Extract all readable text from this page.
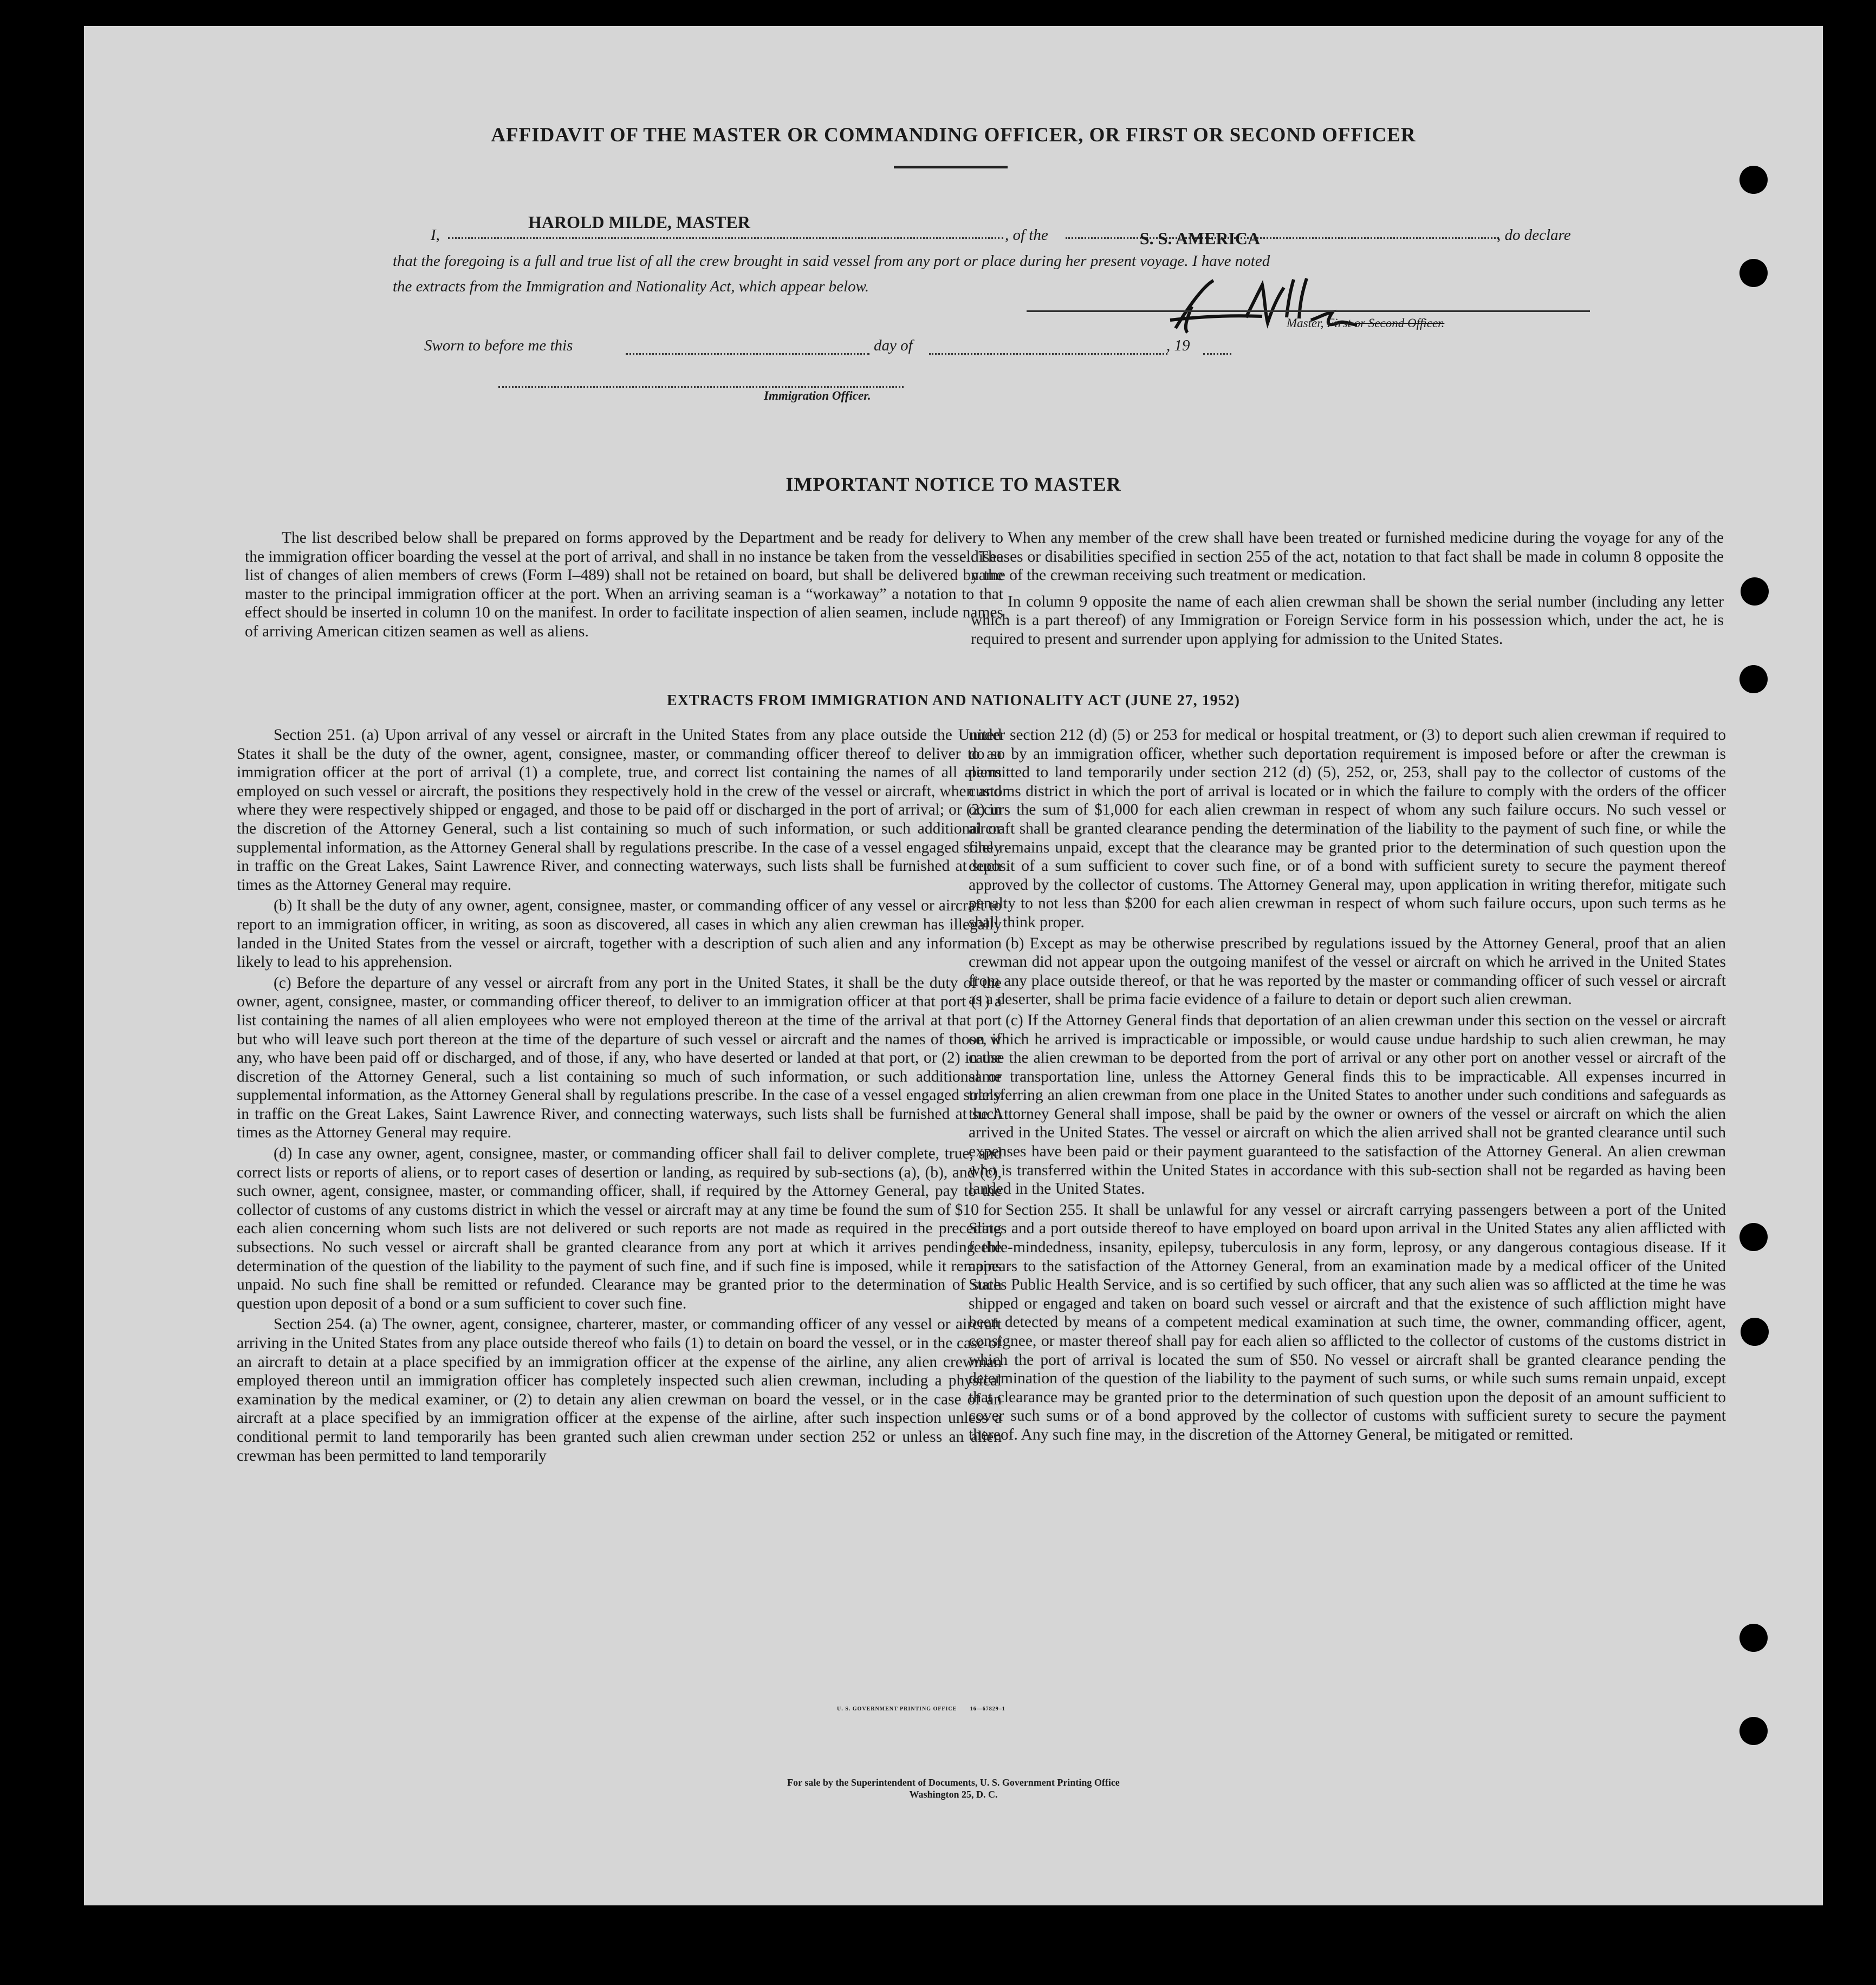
AFFIDAVIT OF THE MASTER OR COMMANDING OFFICER, OR FIRST OR SECOND OFFICER
I,
HAROLD MILDE, MASTER
, of the	S. S. AMERICA	, do declare
that the foregoing is a full and true list of all the crew brought in said vessel from any port or place during her present voyage. I have noted
the extracts from the Immigration and Nationality Act, which appear below.
Master, First or Second Officer.
Sworn to before me this	day of	, 19
Immigration Officer.
IMPORTANT NOTICE TO MASTER

The list described below shall be prepared on forms approved by the Department and be ready for delivery to the immigration officer boarding the vessel at the port of arrival, and shall in no instance be taken from the vessel. The list of changes of alien members of crews (Form I–489) shall not be retained on board, but shall be delivered by the master to the principal immigration officer at the port. When an arriving seaman is a “workaway” a notation to that effect should be inserted in column 10 on the manifest. In order to facilitate inspection of alien seamen, include names of arriving American citizen seamen as well as aliens.

When any member of the crew shall have been treated or furnished medicine during the voyage for any of the diseases or disabilities specified in section 255 of the act, notation to that fact shall be made in column 8 opposite the name of the crewman receiving such treatment or medication.

In column 9 opposite the name of each alien crewman shall be shown the serial number (including any letter which is a part thereof) of any Immigration or Foreign Service form in his possession which, under the act, he is required to present and surrender upon applying for admission to the United States.

EXTRACTS FROM IMMIGRATION AND NATIONALITY ACT (JUNE 27, 1952)

Section 251. (a) Upon arrival of any vessel or aircraft in the United States from any place outside the United States it shall be the duty of the owner, agent, consignee, master, or commanding officer thereof to deliver to an immigration officer at the port of arrival (1) a complete, true, and correct list containing the names of all aliens employed on such vessel or aircraft, the positions they respectively hold in the crew of the vessel or aircraft, when and where they were respectively shipped or engaged, and those to be paid off or discharged in the port of arrival; or (2) in the discretion of the Attorney General, such a list containing so much of such information, or such additional or supplemental information, as the Attorney General shall by regulations prescribe. In the case of a vessel engaged solely in traffic on the Great Lakes, Saint Lawrence River, and connecting waterways, such lists shall be furnished at such times as the Attorney General may require.

(b) It shall be the duty of any owner, agent, consignee, master, or commanding officer of any vessel or aircraft to report to an immigration officer, in writing, as soon as discovered, all cases in which any alien crewman has illegally landed in the United States from the vessel or aircraft, together with a description of such alien and any information likely to lead to his apprehension.

(c) Before the departure of any vessel or aircraft from any port in the United States, it shall be the duty of the owner, agent, consignee, master, or commanding officer thereof, to deliver to an immigration officer at that port (1) a list containing the names of all alien employees who were not employed thereon at the time of the arrival at that port but who will leave such port thereon at the time of the departure of such vessel or aircraft and the names of those, if any, who have been paid off or discharged, and of those, if any, who have deserted or landed at that port, or (2) in the discretion of the Attorney General, such a list containing so much of such information, or such additional or supplemental information, as the Attorney General shall by regulations prescribe. In the case of a vessel engaged solely in traffic on the Great Lakes, Saint Lawrence River, and connecting waterways, such lists shall be furnished at such times as the Attorney General may require.

(d) In case any owner, agent, consignee, master, or commanding officer shall fail to deliver complete, true, and correct lists or reports of aliens, or to report cases of desertion or landing, as required by sub-sections (a), (b), and (c), such owner, agent, consignee, master, or commanding officer, shall, if required by the Attorney General, pay to the collector of customs of any customs district in which the vessel or aircraft may at any time be found the sum of $10 for each alien concerning whom such lists are not delivered or such reports are not made as required in the preceding subsections. No such vessel or aircraft shall be granted clearance from any port at which it arrives pending the determination of the question of the liability to the payment of such fine, and if such fine is imposed, while it remains unpaid. No such fine shall be remitted or refunded. Clearance may be granted prior to the determination of such question upon deposit of a bond or a sum sufficient to cover such fine.

Section 254. (a) The owner, agent, consignee, charterer, master, or commanding officer of any vessel or aircraft arriving in the United States from any place outside thereof who fails (1) to detain on board the vessel, or in the case of an aircraft to detain at a place specified by an immigration officer at the expense of the airline, any alien crewman employed thereon until an immigration officer has completely inspected such alien crewman, including a physical examination by the medical examiner, or (2) to detain any alien crewman on board the vessel, or in the case of an aircraft at a place specified by an immigration officer at the expense of the airline, after such inspection unless a conditional permit to land temporarily has been granted such alien crewman under section 252 or unless an alien crewman has been permitted to land temporarily

under section 212 (d) (5) or 253 for medical or hospital treatment, or (3) to deport such alien crewman if required to do so by an immigration officer, whether such deportation requirement is imposed before or after the crewman is permitted to land temporarily under section 212 (d) (5), 252, or, 253, shall pay to the collector of customs of the customs district in which the port of arrival is located or in which the failure to comply with the orders of the officer occurs the sum of $1,000 for each alien crewman in respect of whom any such failure occurs. No such vessel or aircraft shall be granted clearance pending the determination of the liability to the payment of such fine, or while the fine remains unpaid, except that the clearance may be granted prior to the determination of such question upon the deposit of a sum sufficient to cover such fine, or of a bond with sufficient surety to secure the payment thereof approved by the collector of customs. The Attorney General may, upon application in writing therefor, mitigate such penalty to not less than $200 for each alien crewman in respect of whom such failure occurs, upon such terms as he shall think proper.

(b) Except as may be otherwise prescribed by regulations issued by the Attorney General, proof that an alien crewman did not appear upon the outgoing manifest of the vessel or aircraft on which he arrived in the United States from any place outside thereof, or that he was reported by the master or commanding officer of such vessel or aircraft as a deserter, shall be prima facie evidence of a failure to detain or deport such alien crewman.

(c) If the Attorney General finds that deportation of an alien crewman under this section on the vessel or aircraft on which he arrived is impracticable or impossible, or would cause undue hardship to such alien crewman, he may cause the alien crewman to be deported from the port of arrival or any other port on another vessel or aircraft of the same transportation line, unless the Attorney General finds this to be impracticable. All expenses incurred in transferring an alien crewman from one place in the United States to another under such conditions and safeguards as the Attorney General shall impose, shall be paid by the owner or owners of the vessel or aircraft on which the alien arrived in the United States. The vessel or aircraft on which the alien arrived shall not be granted clearance until such expenses have been paid or their payment guaranteed to the satisfaction of the Attorney General. An alien crewman who is transferred within the United States in accordance with this sub-section shall not be regarded as having been landed in the United States.

Section 255. It shall be unlawful for any vessel or aircraft carrying passengers between a port of the United States and a port outside thereof to have employed on board upon arrival in the United States any alien afflicted with feeble-mindedness, insanity, epilepsy, tuberculosis in any form, leprosy, or any dangerous contagious disease. If it appears to the satisfaction of the Attorney General, from an examination made by a medical officer of the United States Public Health Service, and is so certified by such officer, that any such alien was so afflicted at the time he was shipped or engaged and taken on board such vessel or aircraft and that the existence of such affliction might have been detected by means of a competent medical examination at such time, the owner, commanding officer, agent, consignee, or master thereof shall pay for each alien so afflicted to the collector of customs of the customs district in which the port of arrival is located the sum of $50. No vessel or aircraft shall be granted clearance pending the determination of the question of the liability to the payment of such sums, or while such sums remain unpaid, except that clearance may be granted prior to the determination of such question upon the deposit of an amount sufficient to cover such sums or of a bond approved by the collector of customs with sufficient surety to secure the payment thereof. Any such fine may, in the discretion of the Attorney General, be mitigated or remitted.

U. S. GOVERNMENT PRINTING OFFICE       16—67829–1
For sale by the Superintendent of Documents, U. S. Government Printing Office
Washington 25, D. C.
